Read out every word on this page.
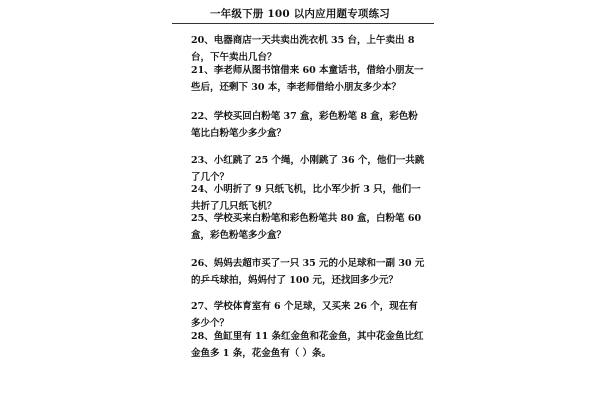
一年级下册 100 以内应用题专项练习
20、电器商店一天共卖出洗衣机 35 台，上午卖出 8 台，下午卖出几台？
21、李老师从图书馆借来 60 本童话书，借给小朋友一些后，还剩下 30 本，李老师借给小朋友多少本？
22、学校买回白粉笔 37 盒，彩色粉笔 8 盒，彩色粉笔比白粉笔少多少盒？
23、小红跳了 25 个绳，小刚跳了 36 个，他们一共跳了几个？
24、小明折了 9 只纸飞机，比小军少折 3 只，他们一共折了几只纸飞机？
25、学校买来白粉笔和彩色粉笔共 80 盒，白粉笔 60 盒，彩色粉笔多少盒？
26、妈妈去超市买了一只 35 元的小足球和一副 30 元的乒乓球拍，妈妈付了 100 元，还找回多少元？
27、学校体育室有 6 个足球，又买来 26 个，现在有多少个？
28、鱼缸里有 11 条红金鱼和花金鱼，其中花金鱼比红金鱼多 1 条，花金鱼有（ ）条。
